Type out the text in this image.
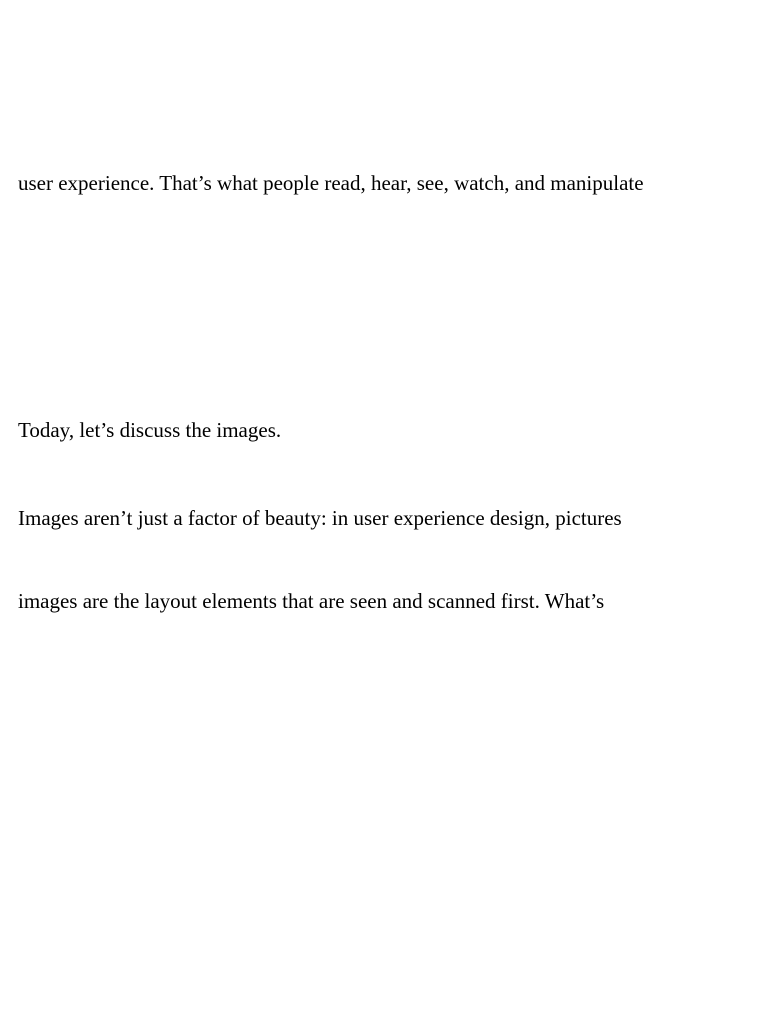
user experience. That’s what people read, hear, see, watch, and manipulate

Today, let’s discuss the images.

Images aren’t just a factor of beauty: in user experience design, pictures

images are the layout elements that are seen and scanned first. What’s
